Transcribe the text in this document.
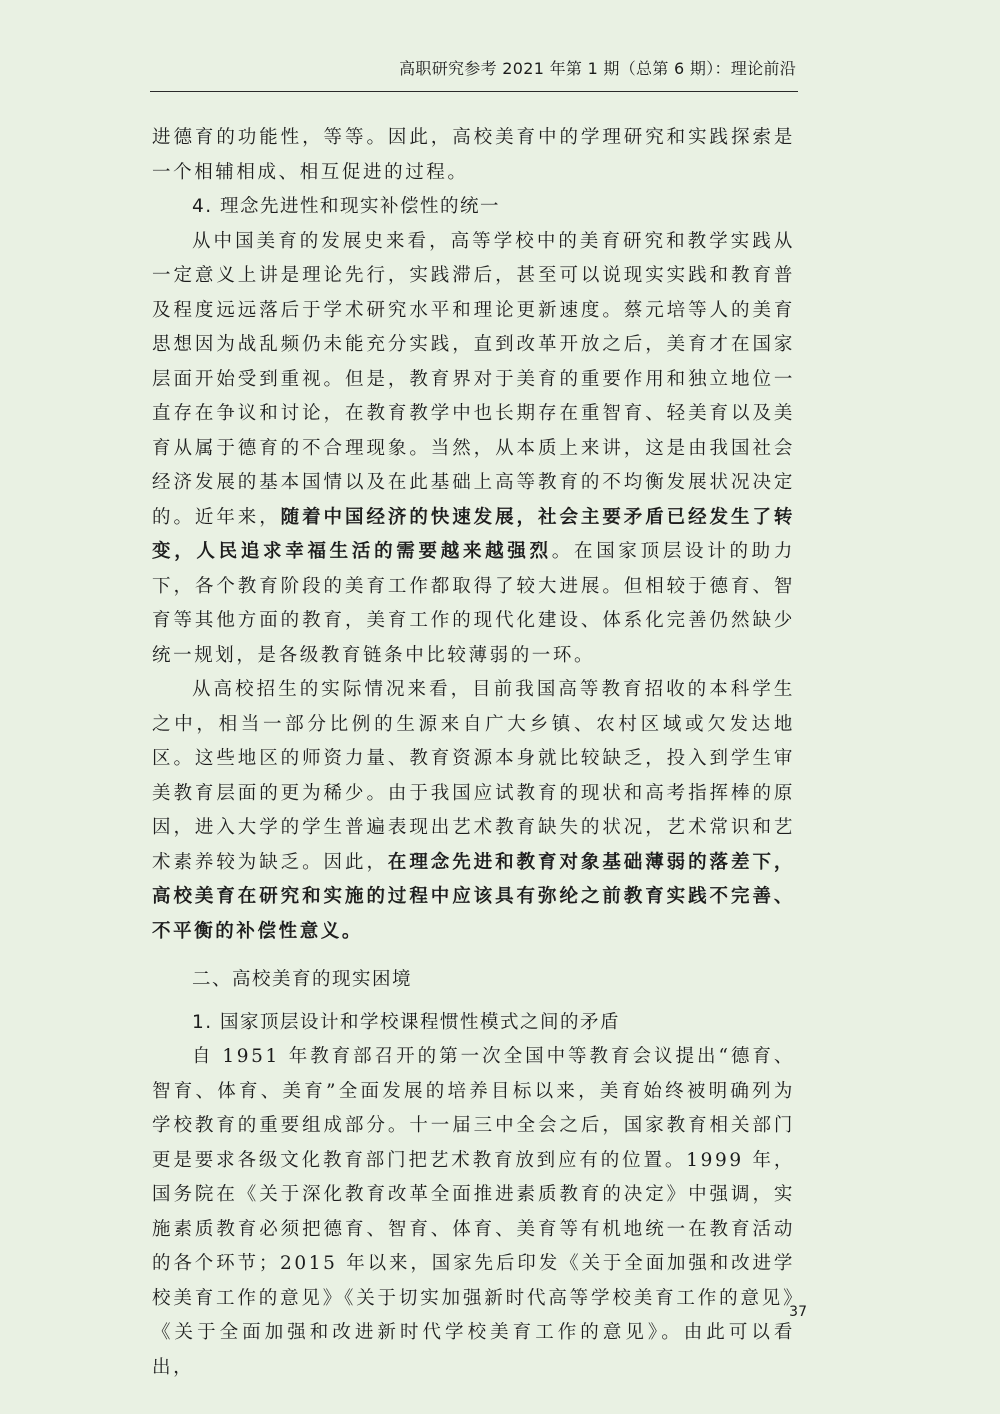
高职研究参考 2021 年第 1 期（总第 6 期）：理论前沿

进德育的功能性，等等。因此，高校美育中的学理研究和实践探索是一个相辅相成、相互促进的过程。

4. 理念先进性和现实补偿性的统一

从中国美育的发展史来看，高等学校中的美育研究和教学实践从一定意义上讲是理论先行，实践滞后，甚至可以说现实实践和教育普及程度远远落后于学术研究水平和理论更新速度。蔡元培等人的美育思想因为战乱频仍未能充分实践，直到改革开放之后，美育才在国家层面开始受到重视。但是，教育界对于美育的重要作用和独立地位一直存在争议和讨论，在教育教学中也长期存在重智育、轻美育以及美育从属于德育的不合理现象。当然，从本质上来讲，这是由我国社会经济发展的基本国情以及在此基础上高等教育的不均衡发展状况决定的。近年来，随着中国经济的快速发展，社会主要矛盾已经发生了转变，人民追求幸福生活的需要越来越强烈。在国家顶层设计的助力下，各个教育阶段的美育工作都取得了较大进展。但相较于德育、智育等其他方面的教育，美育工作的现代化建设、体系化完善仍然缺少统一规划，是各级教育链条中比较薄弱的一环。

从高校招生的实际情况来看，目前我国高等教育招收的本科学生之中，相当一部分比例的生源来自广大乡镇、农村区域或欠发达地区。这些地区的师资力量、教育资源本身就比较缺乏，投入到学生审美教育层面的更为稀少。由于我国应试教育的现状和高考指挥棒的原因，进入大学的学生普遍表现出艺术教育缺失的状况，艺术常识和艺术素养较为缺乏。因此，在理念先进和教育对象基础薄弱的落差下，高校美育在研究和实施的过程中应该具有弥纶之前教育实践不完善、不平衡的补偿性意义。

二、高校美育的现实困境

1. 国家顶层设计和学校课程惯性模式之间的矛盾

自 1951 年教育部召开的第一次全国中等教育会议提出“德育、智育、体育、美育”全面发展的培养目标以来，美育始终被明确列为学校教育的重要组成部分。十一届三中全会之后，国家教育相关部门更是要求各级文化教育部门把艺术教育放到应有的位置。1999 年，国务院在《关于深化教育改革全面推进素质教育的决定》中强调，实施素质教育必须把德育、智育、体育、美育等有机地统一在教育活动的各个环节；2015 年以来，国家先后印发《关于全面加强和改进学校美育工作的意见》《关于切实加强新时代高等学校美育工作的意见》《关于全面加强和改进新时代学校美育工作的意见》。由此可以看出，

37
